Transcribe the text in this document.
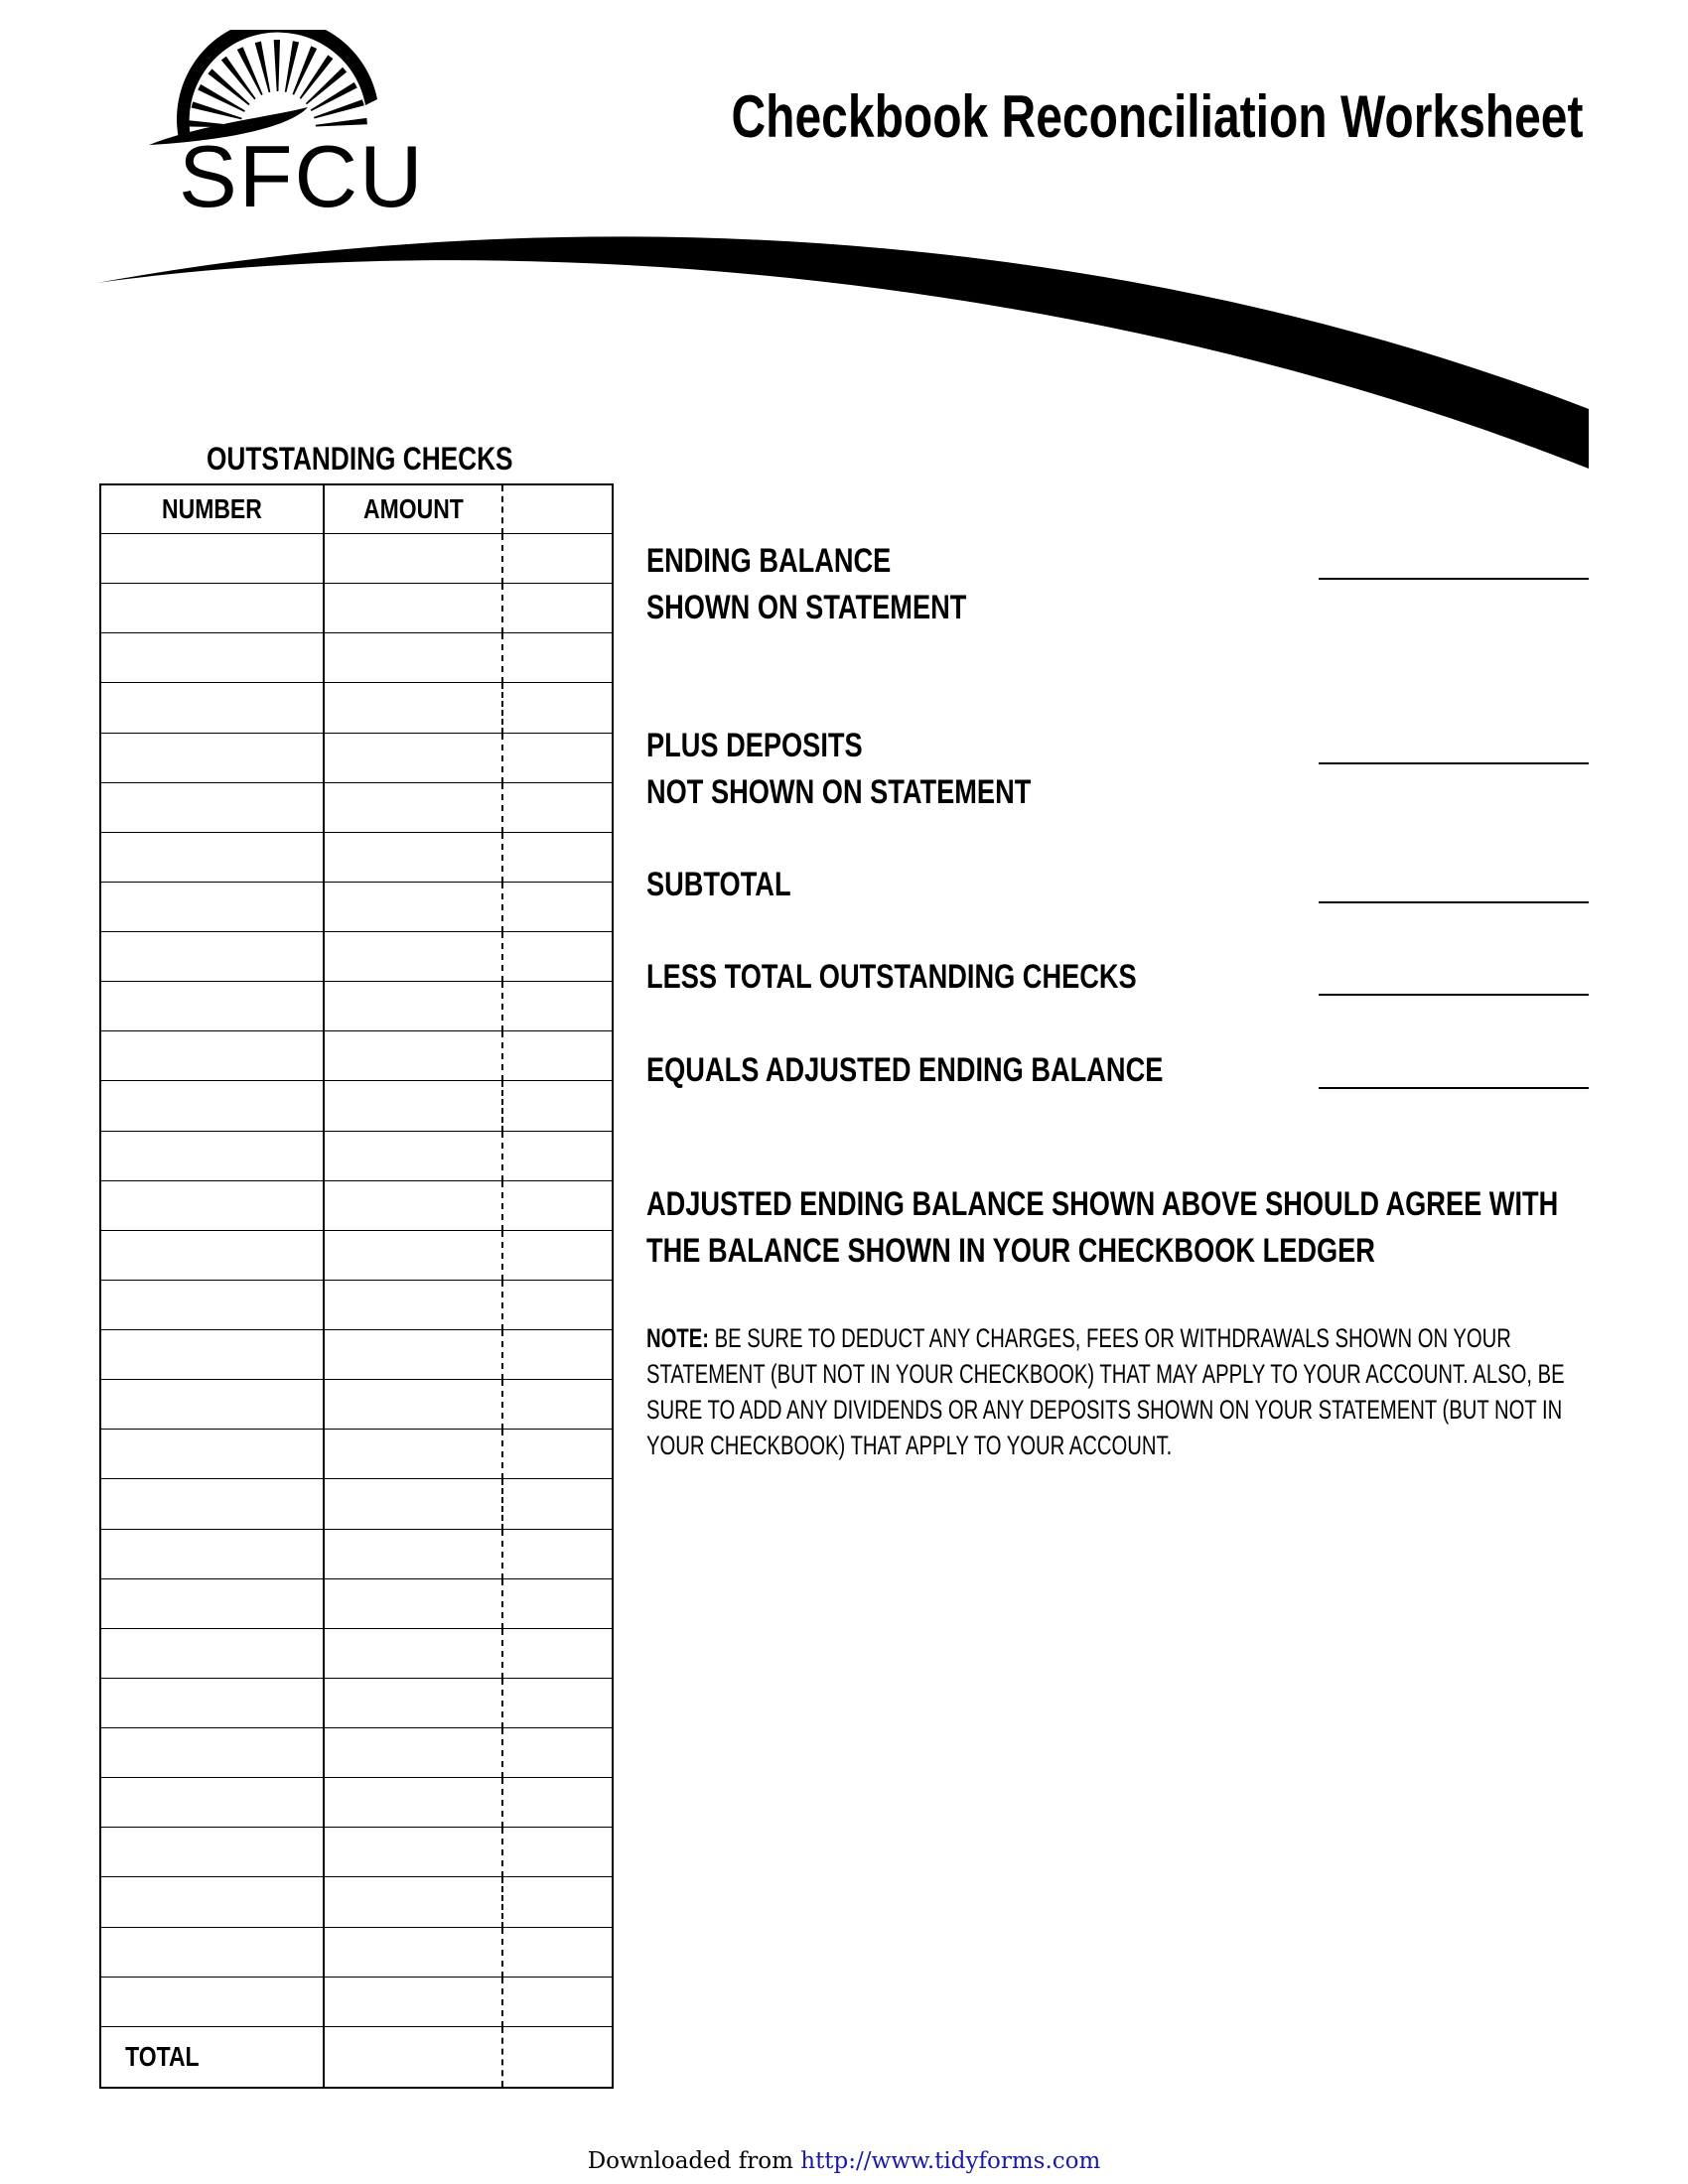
SFCU
Checkbook Reconciliation Worksheet
OUTSTANDING CHECKS
NUMBER	AMOUNT	

TOTAL		
ENDING BALANCE
SHOWN ON STATEMENT
PLUS DEPOSITS
NOT SHOWN ON STATEMENT
SUBTOTAL
LESS TOTAL OUTSTANDING CHECKS
EQUALS ADJUSTED ENDING BALANCE
ADJUSTED ENDING BALANCE SHOWN ABOVE SHOULD AGREE WITH THE BALANCE SHOWN IN YOUR CHECKBOOK LEDGER
NOTE: BE SURE TO DEDUCT ANY CHARGES, FEES OR WITHDRAWALS SHOWN ON YOUR STATEMENT (BUT NOT IN YOUR CHECKBOOK) THAT MAY APPLY TO YOUR ACCOUNT. ALSO, BE SURE TO ADD ANY DIVIDENDS OR ANY DEPOSITS SHOWN ON YOUR STATEMENT (BUT NOT IN YOUR CHECKBOOK) THAT APPLY TO YOUR ACCOUNT.
Downloaded from http://www.tidyforms.com
